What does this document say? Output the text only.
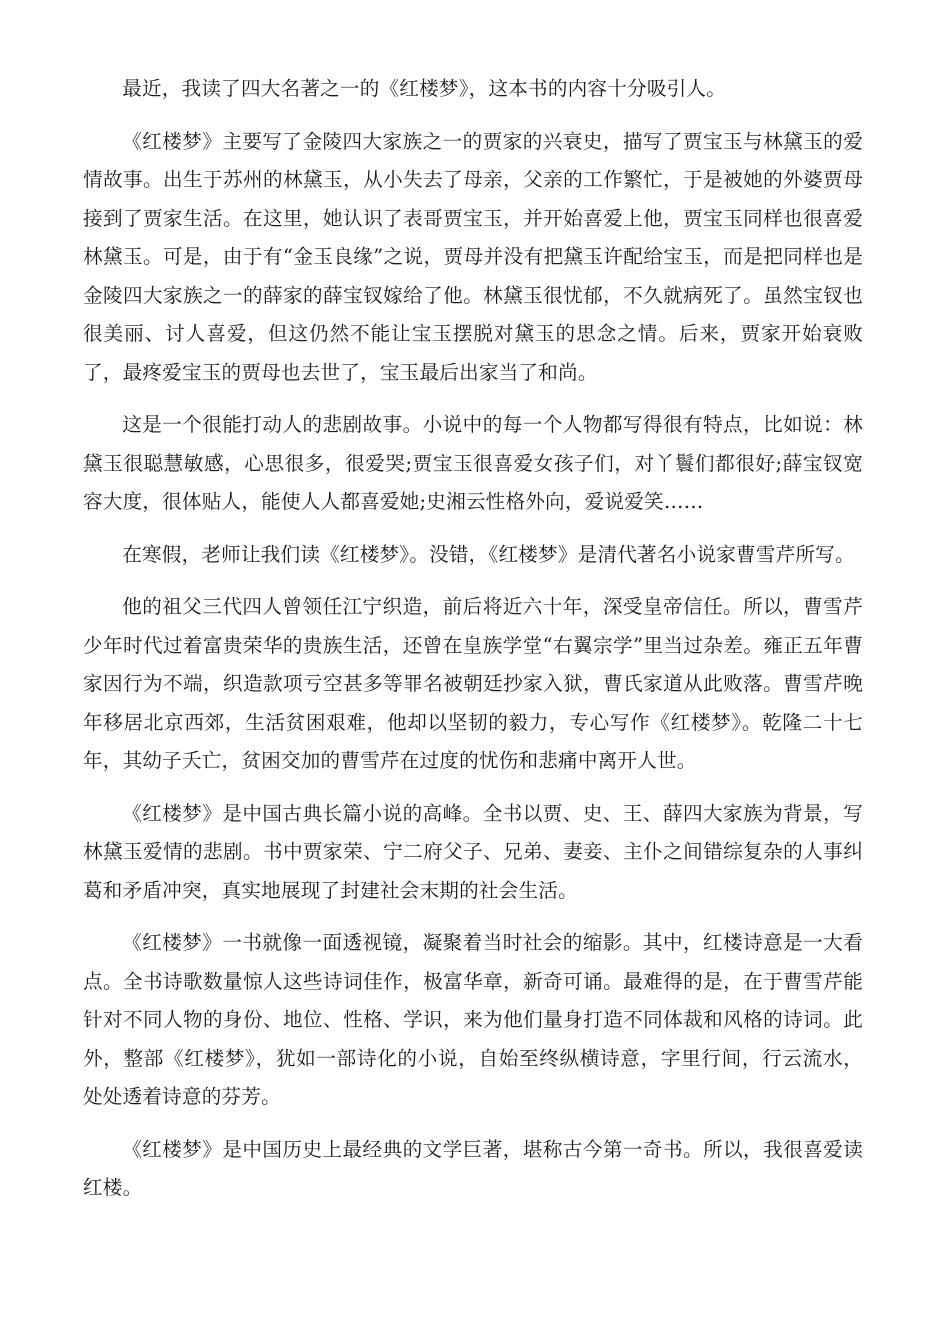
最近，我读了四大名著之一的《红楼梦》，这本书的内容十分吸引人。

《红楼梦》主要写了金陵四大家族之一的贾家的兴衰史，描写了贾宝玉与林黛玉的爱情故事。出生于苏州的林黛玉，从小失去了母亲，父亲的工作繁忙，于是被她的外婆贾母接到了贾家生活。在这里，她认识了表哥贾宝玉，并开始喜爱上他，贾宝玉同样也很喜爱林黛玉。可是，由于有“金玉良缘”之说，贾母并没有把黛玉许配给宝玉，而是把同样也是金陵四大家族之一的薛家的薛宝钗嫁给了他。林黛玉很忧郁，不久就病死了。虽然宝钗也很美丽、讨人喜爱，但这仍然不能让宝玉摆脱对黛玉的思念之情。后来，贾家开始衰败了，最疼爱宝玉的贾母也去世了，宝玉最后出家当了和尚。

这是一个很能打动人的悲剧故事。小说中的每一个人物都写得很有特点，比如说：林黛玉很聪慧敏感，心思很多，很爱哭;贾宝玉很喜爱女孩子们，对丫鬟们都很好;薛宝钗宽容大度，很体贴人，能使人人都喜爱她;史湘云性格外向，爱说爱笑……

在寒假，老师让我们读《红楼梦》。没错，《红楼梦》是清代著名小说家曹雪芹所写。

他的祖父三代四人曾领任江宁织造，前后将近六十年，深受皇帝信任。所以，曹雪芹少年时代过着富贵荣华的贵族生活，还曾在皇族学堂“右翼宗学”里当过杂差。雍正五年曹家因行为不端，织造款项亏空甚多等罪名被朝廷抄家入狱，曹氏家道从此败落。曹雪芹晚年移居北京西郊，生活贫困艰难，他却以坚韧的毅力，专心写作《红楼梦》。乾隆二十七年，其幼子夭亡，贫困交加的曹雪芹在过度的忧伤和悲痛中离开人世。

《红楼梦》是中国古典长篇小说的高峰。全书以贾、史、王、薛四大家族为背景，写林黛玉爱情的悲剧。书中贾家荣、宁二府父子、兄弟、妻妾、主仆之间错综复杂的人事纠葛和矛盾冲突，真实地展现了封建社会末期的社会生活。

《红楼梦》一书就像一面透视镜，凝聚着当时社会的缩影。其中，红楼诗意是一大看点。全书诗歌数量惊人这些诗词佳作，极富华章，新奇可诵。最难得的是，在于曹雪芹能针对不同人物的身份、地位、性格、学识，来为他们量身打造不同体裁和风格的诗词。此外，整部《红楼梦》，犹如一部诗化的小说，自始至终纵横诗意，字里行间，行云流水，处处透着诗意的芬芳。

《红楼梦》是中国历史上最经典的文学巨著，堪称古今第一奇书。所以，我很喜爱读红楼。
